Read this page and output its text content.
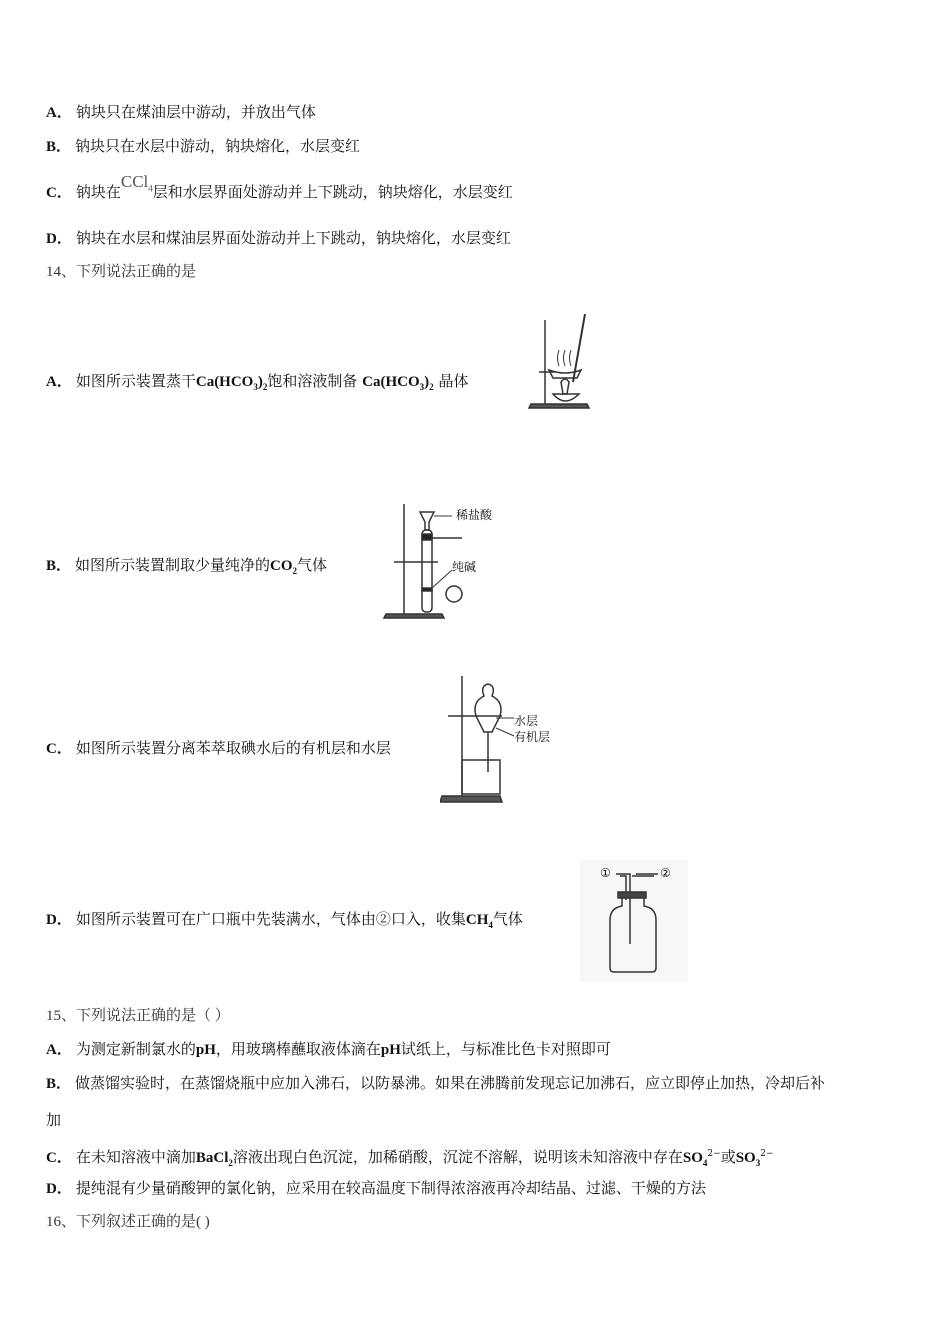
A． 钠块只在煤油层中游动，并放出气体
B． 钠块只在水层中游动，钠块熔化，水层变红
C． 钠块在CCl$_4$层和水层界面处游动并上下跳动，钠块熔化，水层变红
D． 钠块在水层和煤油层界面处游动并上下跳动，钠块熔化，水层变红
14、下列说法正确的是
A． 如图所示装置蒸干$Ca(HCO_3)_2$饱和溶液制备 $Ca(HCO_3)_2$ 晶体
B． 如图所示装置制取少量纯净的$CO_2$气体
稀盐酸
纯碱
C． 如图所示装置分离苯萃取碘水后的有机层和水层
水层
有机层
D． 如图所示装置可在广口瓶中先装满水，气体由②口入，收集$CH_4$气体
①	②
15、下列说法正确的是（ ）
A． 为测定新制氯水的pH，用玻璃棒蘸取液体滴在pH试纸上，与标准比色卡对照即可
B． 做蒸馏实验时，在蒸馏烧瓶中应加入沸石，以防暴沸。如果在沸腾前发现忘记加沸石，应立即停止加热，冷却后补
加
C． 在未知溶液中滴加BaCl$_2$溶液出现白色沉淀，加稀硝酸，沉淀不溶解，说明该未知溶液中存在$SO_4^{2-}$或$SO_3^{2-}$
D． 提纯混有少量硝酸钾的氯化钠，应采用在较高温度下制得浓溶液再冷却结晶、过滤、干燥的方法
16、下列叙述正确的是( )
